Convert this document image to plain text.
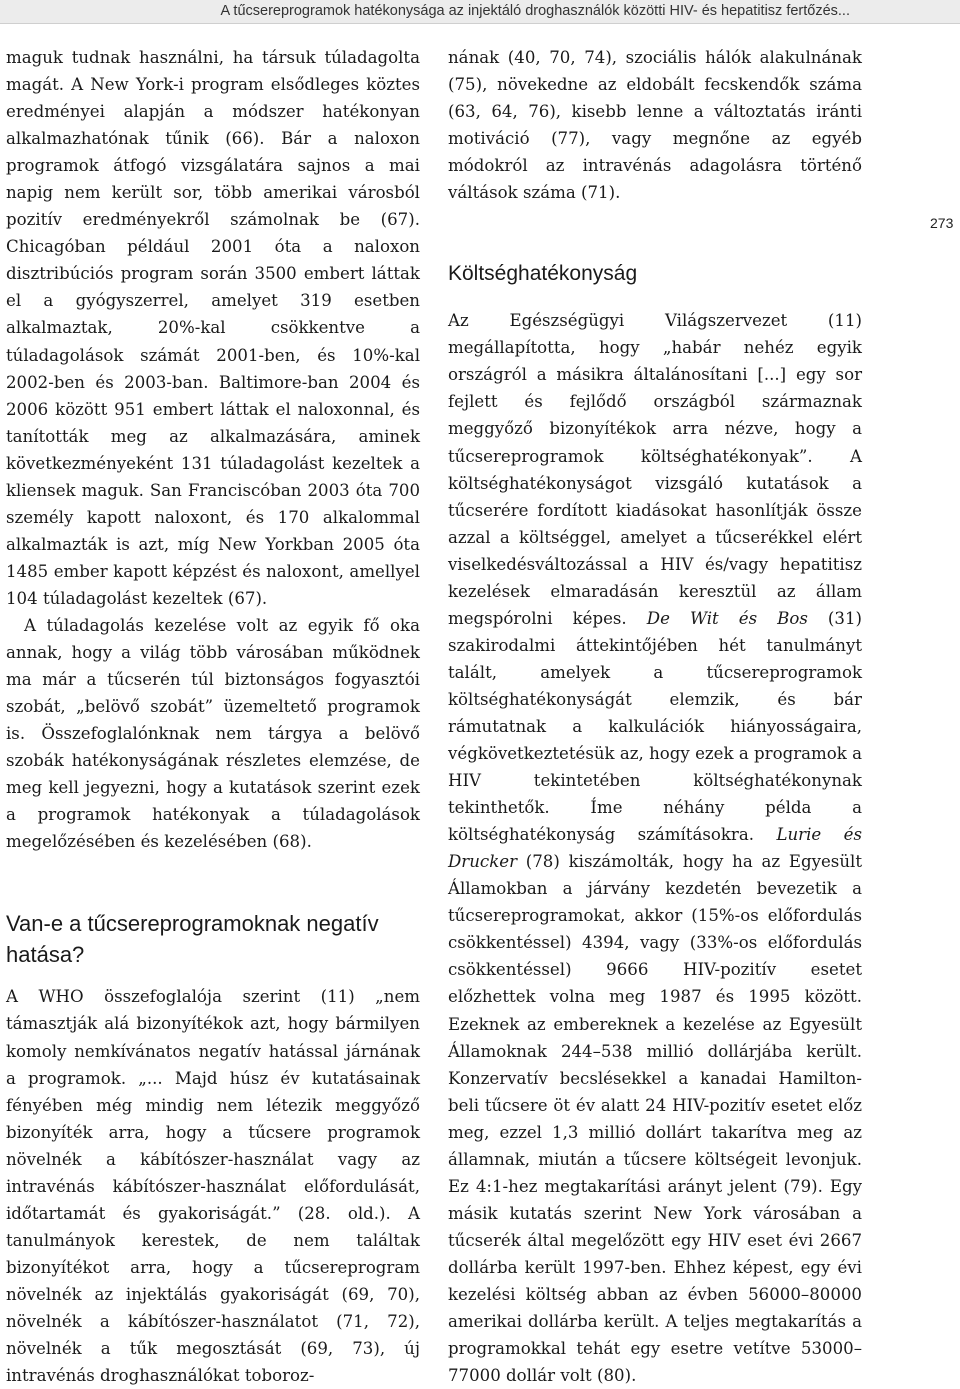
A tűcsereprogramok hatékonysága az injektáló droghasználók közötti HIV- és hepatitisz fertőzés...
273

maguk tudnak használni, ha társuk túladagolta magát. A New York-i program elsődleges köztes eredményei alapján a módszer hatékonyan alkalmazhatónak tűnik (66). Bár a naloxon programok átfogó vizsgálatára sajnos a mai napig nem került sor, több amerikai városból pozitív eredményekről számolnak be (67). Chicagóban például 2001 óta a naloxon disztribúciós program során 3500 embert láttak el a gyógyszerrel, amelyet 319 esetben alkalmaztak, 20%-kal csökkentve a túladagolások számát 2001-ben, és 10%-kal 2002-ben és 2003-ban. Baltimore-ban 2004 és 2006 között 951 embert láttak el naloxonnal, és tanították meg az alkalmazására, aminek következményeként 131 túladagolást kezeltek a kliensek maguk. San Franciscóban 2003 óta 700 személy kapott naloxont, és 170 alkalommal alkalmazták is azt, míg New Yorkban 2005 óta 1485 ember kapott képzést és naloxont, amellyel 104 túladagolást kezeltek (67).

A túladagolás kezelése volt az egyik fő oka annak, hogy a világ több városában működnek ma már a tűcserén túl biztonságos fogyasztói szobát, „belövő szobát” üzemeltető programok is. Összefoglalónknak nem tárgya a belövő szobák hatékonyságának részletes elemzése, de meg kell jegyezni, hogy a kutatások szerint ezek a programok hatékonyak a túladagolások megelőzésében és kezelésében (68).

Van-e a tűcsereprogramoknak negatív hatása?

A WHO összefoglalója szerint (11) „nem támasztják alá bizonyítékok azt, hogy bármilyen komoly nemkívánatos negatív hatással járnának a programok. „... Majd húsz év kutatásainak fényében még mindig nem létezik meggyőző bizonyíték arra, hogy a tűcsere programok növelnék a kábítószer-használat vagy az intravénás kábítószer-használat előfordulását, időtartamát és gyakoriságát.” (28. old.). A tanulmányok kerestek, de nem találtak bizonyítékot arra, hogy a tűcsereprogram növelnék az injektálás gyakoriságát (69, 70), növelnék a kábítószer-használatot (71, 72), növelnék a tűk megosztását (69, 73), új intravénás droghasználókat toboroz-

nának (40, 70, 74), szociális hálók alakulnának (75), növekedne az eldobált fecskendők száma (63, 64, 76), kisebb lenne a változtatás iránti motiváció (77), vagy megnőne az egyéb módokról az intravénás adagolásra történő váltások száma (71).

Költséghatékonyság

Az Egészségügyi Világszervezet (11) megállapította, hogy „habár nehéz egyik országról a másikra általánosítani [...] egy sor fejlett és fejlődő országból származnak meggyőző bizonyítékok arra nézve, hogy a tűcsereprogramok költséghatékonyak”. A költséghatékonyságot vizsgáló kutatások a tűcserére fordított kiadásokat hasonlítják össze azzal a költséggel, amelyet a tűcserékkel elért viselkedésváltozással a HIV és/vagy hepatitisz kezelések elmaradásán keresztül az állam megspórolni képes. De Wit és Bos (31) szakirodalmi áttekintőjében hét tanulmányt talált, amelyek a tűcsereprogramok költséghatékonyságát elemzik, és bár rámutatnak a kalkulációk hiányosságaira, végkövetkeztetésük az, hogy ezek a programok a HIV tekintetében költséghatékonynak tekinthetők. Íme néhány példa a költséghatékonyság számításokra. Lurie és Drucker (78) kiszámolták, hogy ha az Egyesült Államokban a járvány kezdetén bevezetik a tűcsereprogramokat, akkor (15%-os előfordulás csökkentéssel) 4394, vagy (33%-os előfordulás csökkentéssel) 9666 HIV-pozitív esetet előzhettek volna meg 1987 és 1995 között. Ezeknek az embereknek a kezelése az Egyesült Államoknak 244–538 millió dollárjába került. Konzervatív becslésekkel a kanadai Hamilton-beli tűcsere öt év alatt 24 HIV-pozitív esetet előz meg, ezzel 1,3 millió dollárt takarítva meg az államnak, miután a tűcsere költségeit levonjuk. Ez 4:1-hez megtakarítási arányt jelent (79). Egy másik kutatás szerint New York városában a tűcserék által megelőzött egy HIV eset évi 2667 dollárba került 1997-ben. Ehhez képest, egy évi kezelési költség abban az évben 56000–80000 amerikai dollárba került. A teljes megtakarítás a programokkal tehát egy esetre vetítve 53000– 77000 dollár volt (80).
